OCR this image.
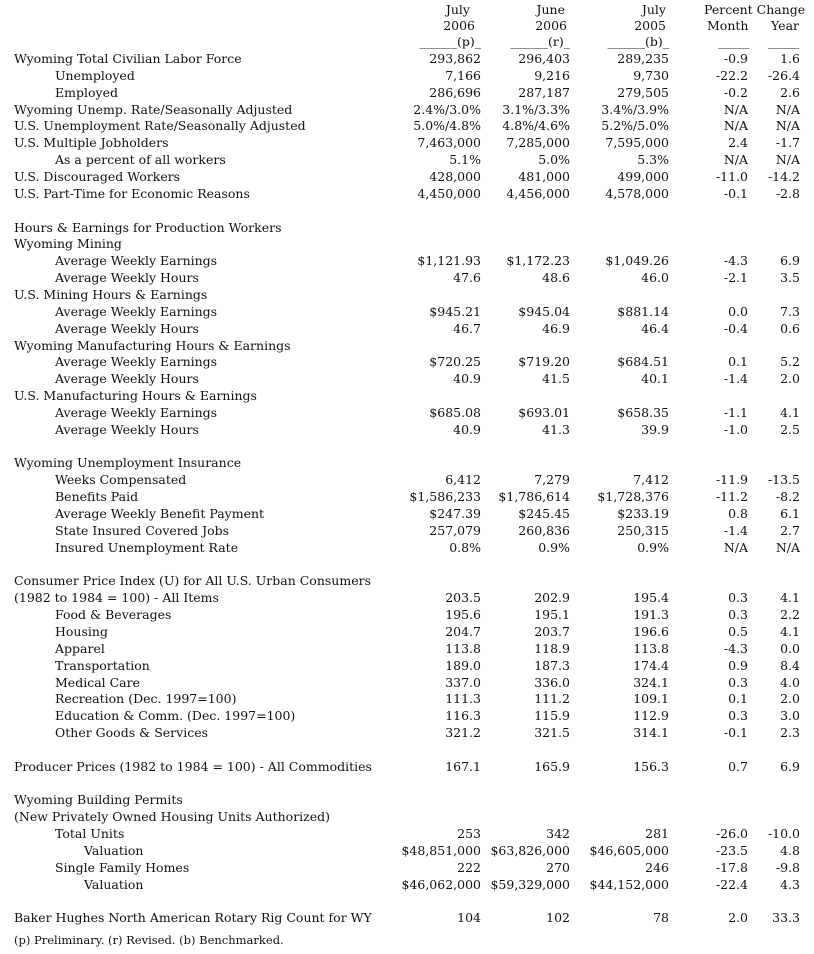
July	June	July	Percent Change
2006	2006	2005	Month Year
______(p)_ ______(r)_	______(b)_	_____ _____
Wyoming Total Civilian Labor Force	293,862	296,403	289,235	-0.9	1.6
Unemployed	7,166	9,216	9,730	-22.2 -26.4
Employed	286,696	287,187	279,505	-0.2	2.6
Wyoming Unemp. Rate/Seasonally Adjusted	2.4%/3.0% 3.1%/3.3%	3.4%/3.9%	N/A N/A
U.S. Unemployment Rate/Seasonally Adjusted	5.0%/4.8% 4.8%/4.6%	5.2%/5.0%	N/A N/A
U.S. Multiple Jobholders	7,463,000 7,285,000	7,595,000	2.4 -1.7
As a percent of all workers	5.1%	5.0%	5.3%	N/A N/A
U.S. Discouraged Workers	428,000	481,000	499,000	-11.0 -14.2
U.S. Part-Time for Economic Reasons	4,450,000 4,456,000	4,578,000	-0.1 -2.8
Hours & Earnings for Production Workers
Wyoming Mining
Average Weekly Earnings	$1,121.93 $1,172.23	$1,049.26	-4.3	6.9
Average Weekly Hours	47.6	48.6	46.0	-2.1	3.5
U.S. Mining Hours & Earnings
Average Weekly Earnings	$945.21	$945.04	$881.14	0.0	7.3
Average Weekly Hours	46.7	46.9	46.4	-0.4	0.6
Wyoming Manufacturing Hours & Earnings
Average Weekly Earnings	$720.25	$719.20	$684.51	0.1	5.2
Average Weekly Hours	40.9	41.5	40.1	-1.4	2.0
U.S. Manufacturing Hours & Earnings
Average Weekly Earnings	$685.08	$693.01	$658.35	-1.1	4.1
Average Weekly Hours	40.9	41.3	39.9	-1.0	2.5
Wyoming Unemployment Insurance
Weeks Compensated	6,412	7,279	7,412	-11.9 -13.5
Benefits Paid	$1,586,233 $1,786,614 $1,728,376	-11.2 -8.2
Average Weekly Benefit Payment	$247.39	$245.45	$233.19	0.8	6.1
State Insured Covered Jobs	257,079	260,836	250,315	-1.4	2.7
Insured Unemployment Rate	0.8%	0.9%	0.9%	N/A N/A
Consumer Price Index (U) for All U.S. Urban Consumers
(1982 to 1984 = 100) - All Items	203.5	202.9	195.4	0.3	4.1
Food & Beverages	195.6	195.1	191.3	0.3	2.2
Housing	204.7	203.7	196.6	0.5	4.1
Apparel	113.8	118.9	113.8	-4.3	0.0
Transportation	189.0	187.3	174.4	0.9	8.4
Medical Care	337.0	336.0	324.1	0.3	4.0
Recreation (Dec. 1997=100)	111.3	111.2	109.1	0.1	2.0
Education & Comm. (Dec. 1997=100)	116.3	115.9	112.9	0.3	3.0
Other Goods & Services	321.2	321.5	314.1	-0.1	2.3
Producer Prices (1982 to 1984 = 100) - All Commodities	167.1	165.9	156.3	0.7	6.9
Wyoming Building Permits
(New Privately Owned Housing Units Authorized)
Total Units	253	342	281	-26.0 -10.0
Valuation	$48,851,000 $63,826,000 $46,605,000	-23.5	4.8
Single Family Homes	222	270	246	-17.8 -9.8
Valuation	$46,062,000 $59,329,000 $44,152,000	-22.4	4.3
Baker Hughes North American Rotary Rig Count for WY	104	102	78	2.0 33.3
(p) Preliminary. (r) Revised. (b) Benchmarked.
